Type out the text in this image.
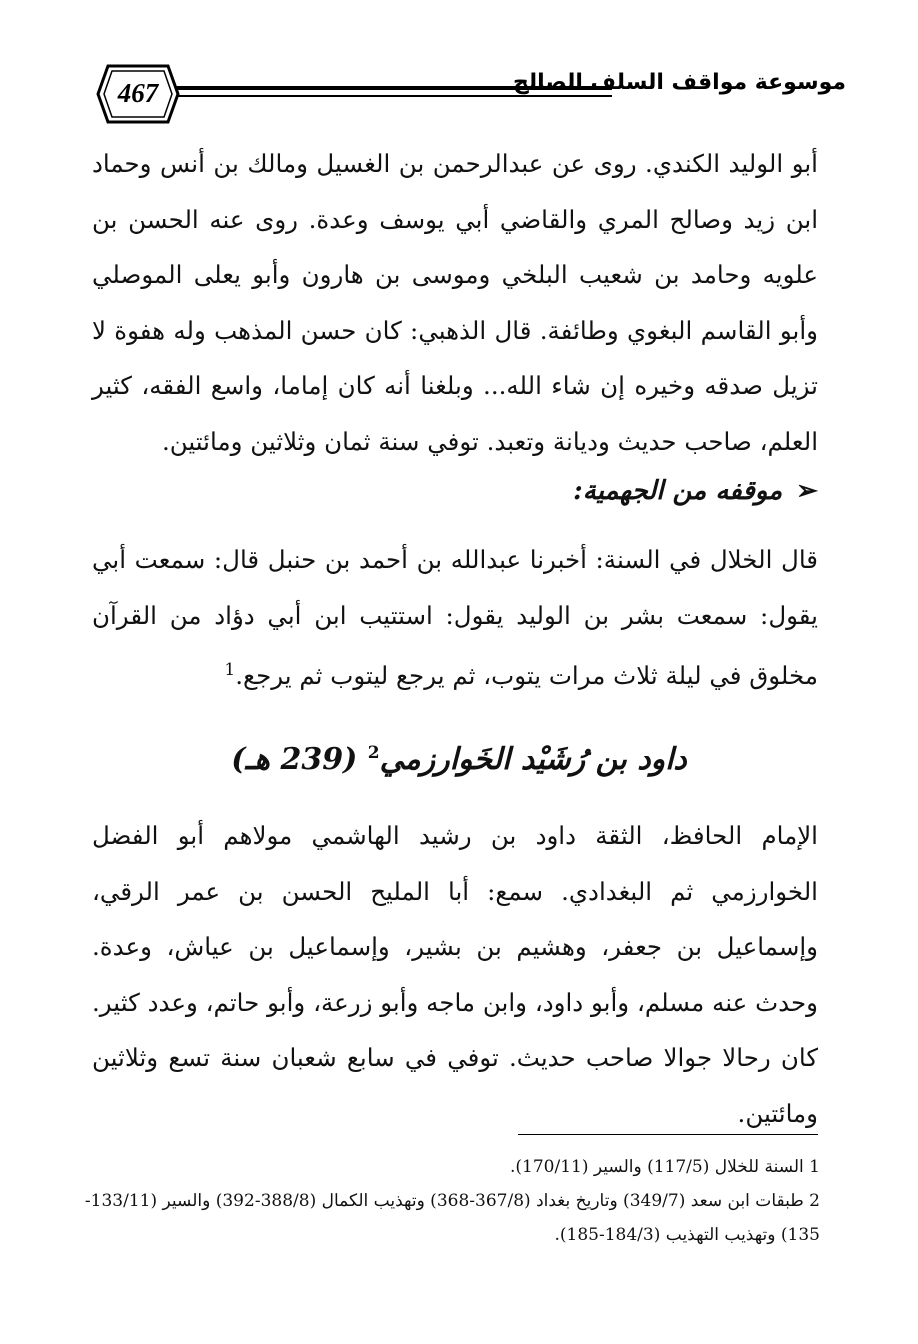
467	موسوعة مواقف السلف الصالح
أبو الوليد الكندي. روى عن عبدالرحمن بن الغسيل ومالك بن أنس وحماد ابن زيد وصالح المري والقاضي أبي يوسف وعدة. روى عنه الحسن بن علويه وحامد بن شعيب البلخي وموسى بن هارون وأبو يعلى الموصلي وأبو القاسم البغوي وطائفة. قال الذهبي: كان حسن المذهب وله هفوة لا تزيل صدقه وخيره إن شاء الله... وبلغنا أنه كان إماما، واسع الفقه، كثير العلم، صاحب حديث وديانة وتعبد. توفي سنة ثمان وثلاثين ومائتين.
➢موقفه من الجهمية:
قال الخلال في السنة: أخبرنا عبدالله بن أحمد بن حنبل قال: سمعت أبي يقول: سمعت بشر بن الوليد يقول: استتيب ابن أبي دؤاد من القرآن مخلوق في ليلة ثلاث مرات يتوب، ثم يرجع ليتوب ثم يرجع.$^1$
داود بن رُشَيْد الخَوارزمي$^2$ (239 هـ)
الإمام الحافظ، الثقة داود بن رشيد الهاشمي مولاهم أبو الفضل الخوارزمي ثم البغدادي. سمع: أبا المليح الحسن بن عمر الرقي، وإسماعيل بن جعفر، وهشيم بن بشير، وإسماعيل بن عياش، وعدة. وحدث عنه مسلم، وأبو داود، وابن ماجه وأبو زرعة، وأبو حاتم، وعدد كثير. كان رحالا جوالا صاحب حديث. توفي في سابع شعبان سنة تسع وثلاثين ومائتين.
1 السنة للخلال (117/5) والسير (170/11).
2 طبقات ابن سعد (349/7) وتاريخ بغداد (367/8-368) وتهذيب الكمال (388/8-392) والسير (133/11-135) وتهذيب التهذيب (184/3-185).
